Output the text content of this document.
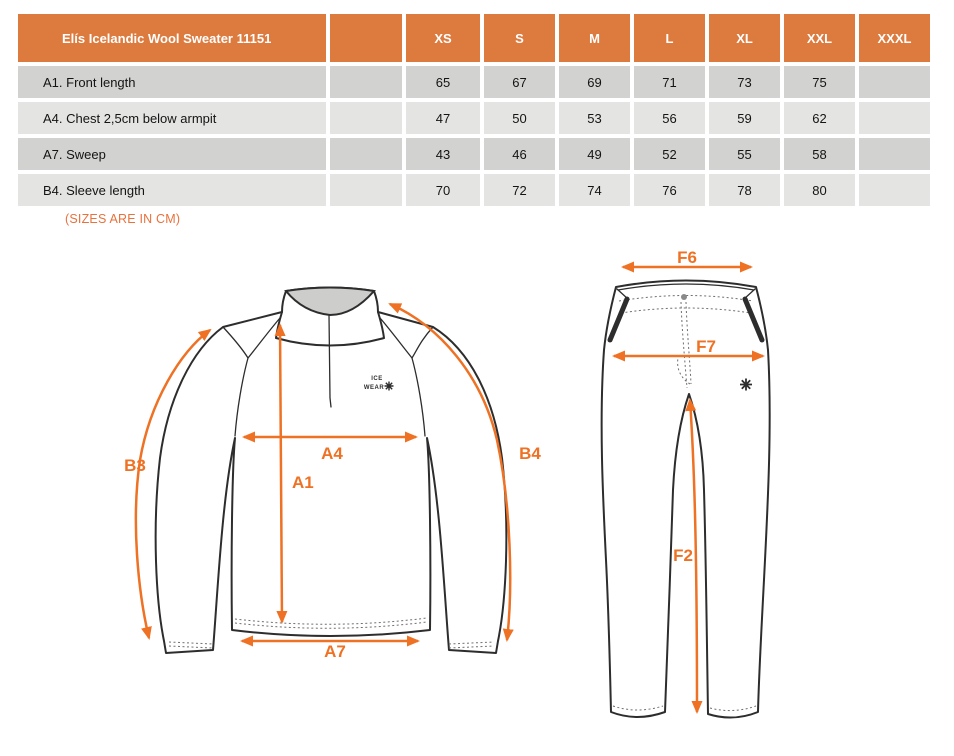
Elís Icelandic Wool Sweater 11151		XS	S	M	L	XL	XXL	XXXL
A1. Front length		65	67	69	71	73	75	
A4. Chest 2,5cm below armpit		47	50	53	56	59	62	
A7. Sweep		43	46	49	52	55	58	
B4. Sleeve length		70	72	74	76	78	80	
(SIZES ARE IN CM)
ICE
WEAR
B3
A4
A1
B4
A7
F6
F7
F2
